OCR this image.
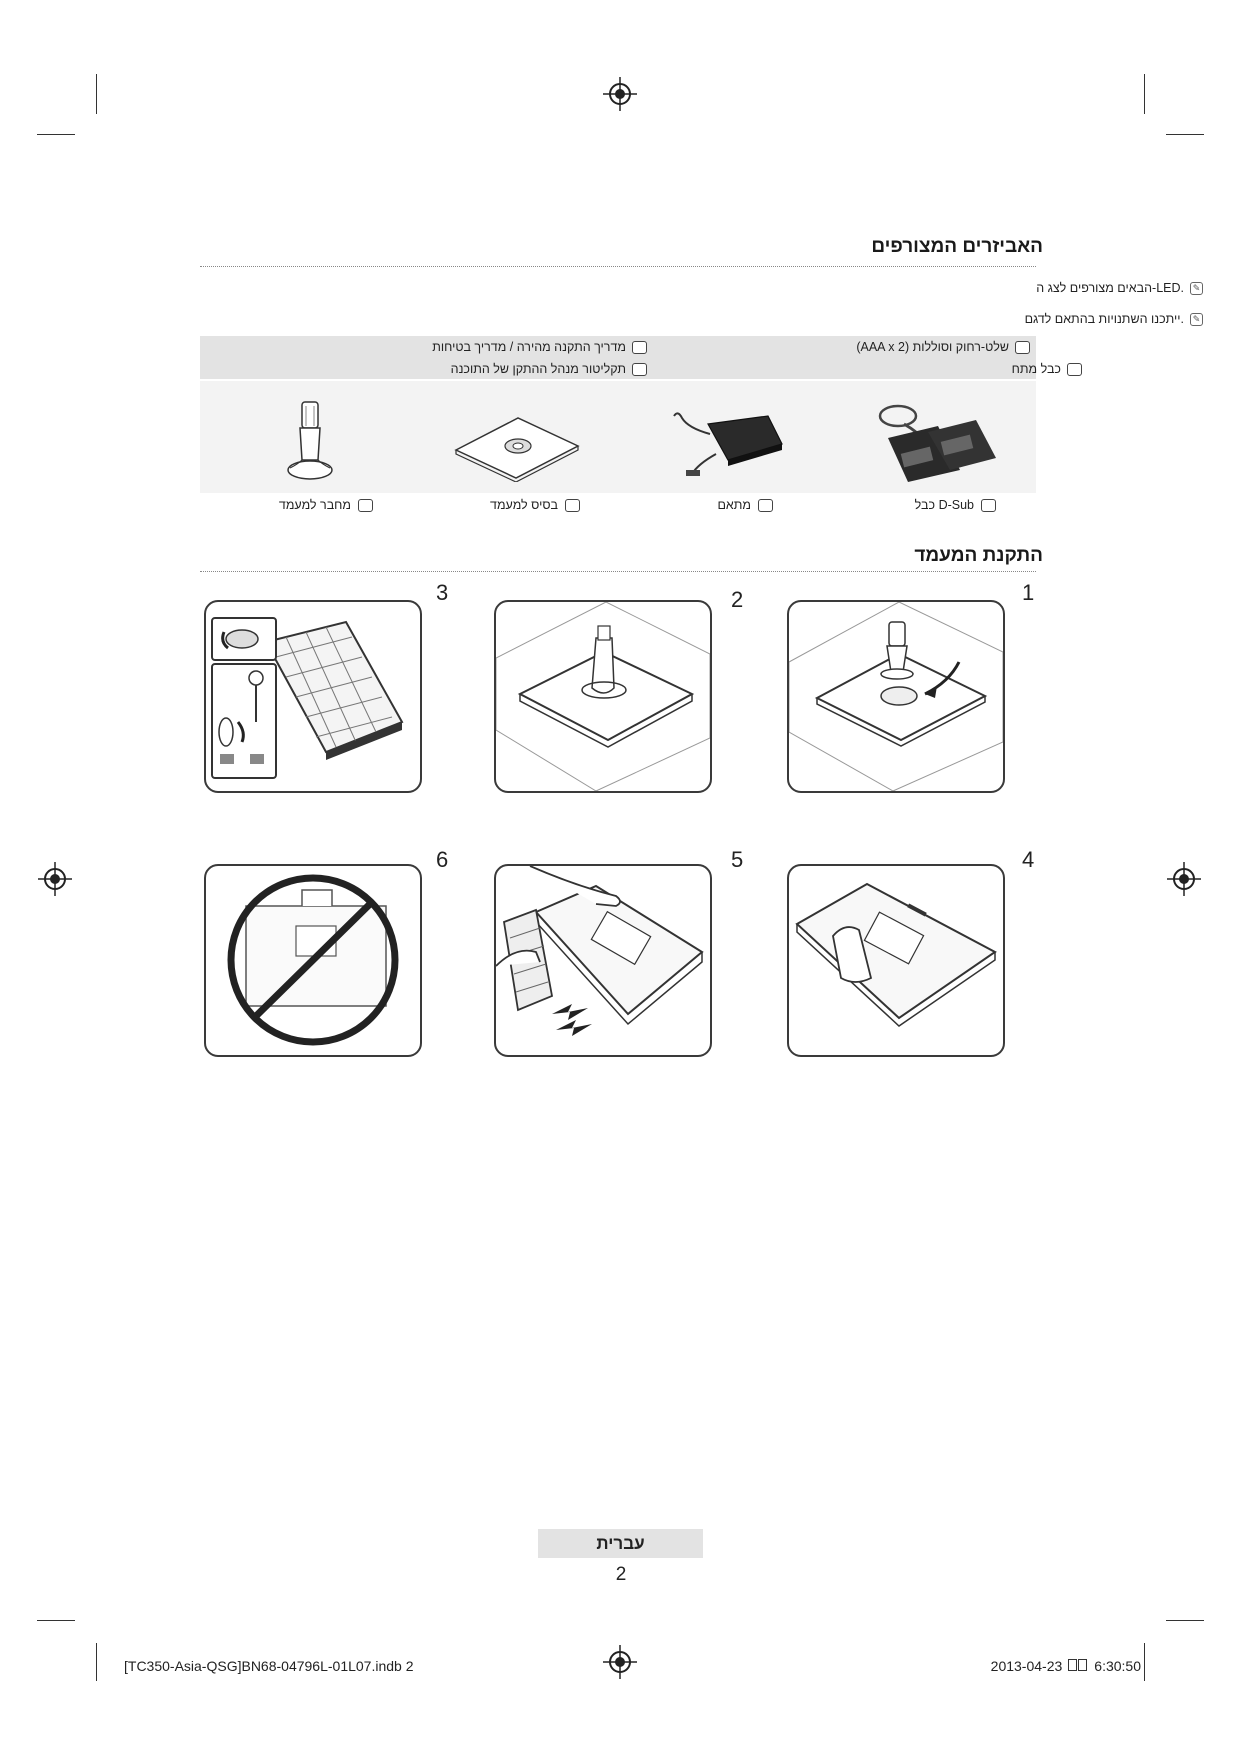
האביזרים המצורפים
✎
.LED-הבאים מצורפים לצג ה
✎
.ייתכנו השתנויות בהתאם לדגם
שלט-רחוק וסוללות (AAA x 2)
מדריך התקנה מהירה / מדריך בטיחות
כבל מתח
תקליטור מנהל ההתקן של התוכנה
D-Sub כבל
מתאם
בסיס למעמד
מחבר למעמד
התקנת המעמד
1
2
3
4
5
6
עברית
2
[TC350-Asia-QSG]BN68-04796L-01L07.indb 2	2013-04-23 6:30:50
